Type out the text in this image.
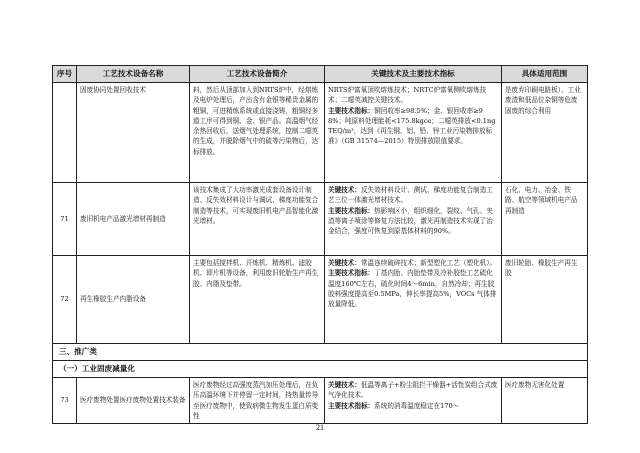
序号	工艺技术设备名称	工艺技术设备简介	关键技术及主要技术指标	具体适用范围
	固废协同处置回收技术	料，然后从顶部加入到NRTS炉中，经熔炼及电炉处理后，产出含有金银等稀贵金属的粗铜，可进精炼系统或直接浇铸，粗铜经多道工序可得到铜、金、银产品。高温烟气经余热回收后，送烟气处理系统，控制二噁英的生成，并脱除烟气中的硫等污染物后，达标排放。	NRTS炉富氧顶吹熔炼技术；NRTC炉富氧侧吹熔炼技术；二噁英减控关键技术。
主要技术指标：铜回收率≥98.5%；金、银回收率≥98%；吨原料处理能耗<175.8kgce；二噁英排放<0.1ng TEQ/m³，达到《再生铜、铝、铅、锌工业污染物排放标准》（GB 31574—2015）特别排放限值要求。	是废弃印刷电路板）、工业废渣和低品位杂铜等危废固废的综合利用
71	废旧机电产品激光增材再制造	该技术集成了大功率激光成套设备设计制造、反失效材料设计与调试、梯度功能复合制造等技术，可实现废旧机电产品智能化激光增材。	关键技术：反失效材料设计、测试、梯度功能复合制造工艺三位一体激光增材技术。
主要技术指标：热影响区小，组织细化，裂纹、气孔、夹渣等离子喷涂等修复方法比较，激光再制造技术实现了冶金结合，强度可恢复到原基体材料的90%。	石化、电力、冶金、铁路、航空等领域机电产品再制造
72	再生橡胶生产内脂设备	主要包括搅拌机、开炼机、精炼机、滤胶机、即片机等设备，利用废旧轮胎生产再生胶、内脂及垫带。	关键技术：常温连续破碎技术；新型塑化工艺（塑化机）。
主要技术指标：丁基内胎、内胎垫带及冷补胶垫工艺硫化温度160℃左右，硫化时间4～6min，自然冷却；再生胶胶料强度提高至0.5MPa，伸长率提高5%，VOCs 气体排放量降低。	废旧轮胎、橡胶生产再生胶
三、推广类				
（一）工业固废减量化				
73	医疗废物处置医疗废物处置技术装备	医疗废物经过高强度蒸汽加压处理后，在负压高温环境下并停留一定时间，持热量传导至医疗废物中，使致病微生物发生蛋白质变性	关键技术：低温等离子+粉尘阻拦干燥器+活性炭组合式废气净化技术。
主要技术指标：系统的消毒温度稳定在170～	医疗废物无害化处置
21
